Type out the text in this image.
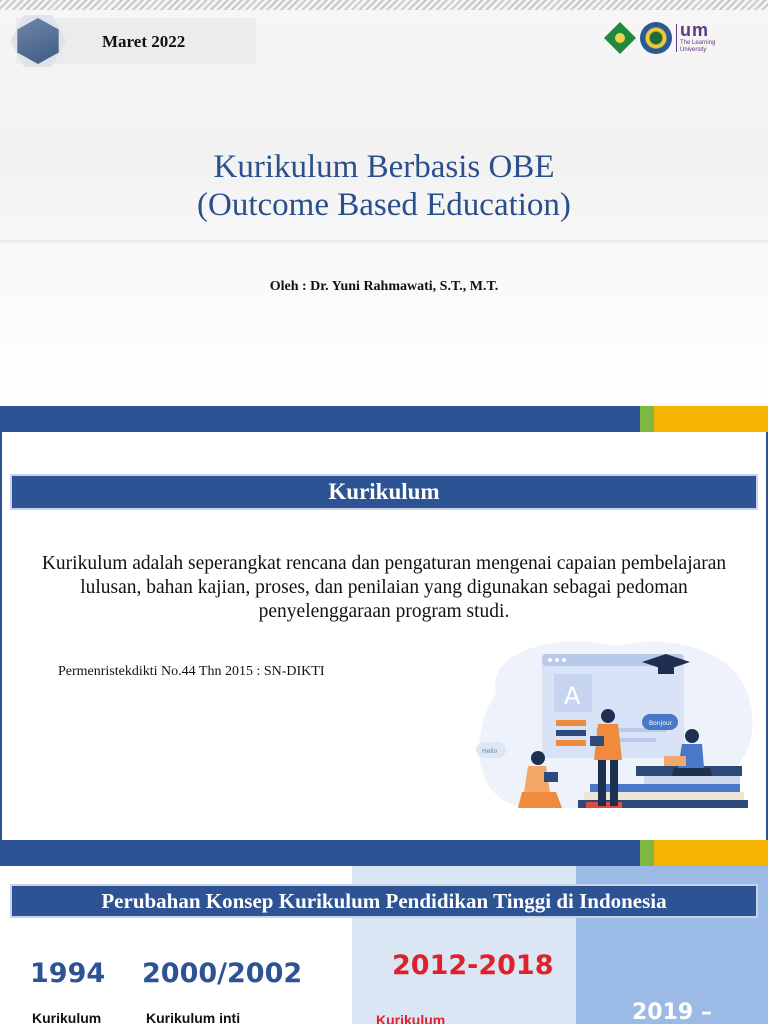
Maret 2022
um
The Learning University
Kurikulum Berbasis OBE
(Outcome Based Education)
Oleh : Dr. Yuni Rahmawati, S.T., M.T.
Kurikulum
Kurikulum adalah seperangkat rencana dan pengaturan mengenai capaian pembelajaran lulusan, bahan kajian, proses, dan penilaian yang digunakan sebagai pedoman penyelenggaraan program studi.
Permenristekdikti No.44 Thn 2015 : SN-DIKTI
A
Bonjour
Hello
Perubahan Konsep Kurikulum Pendidikan Tinggi di Indonesia
1994
Kurikulum
2000/2002
Kurikulum inti
2012-2018
Kurikulum	2019 –
